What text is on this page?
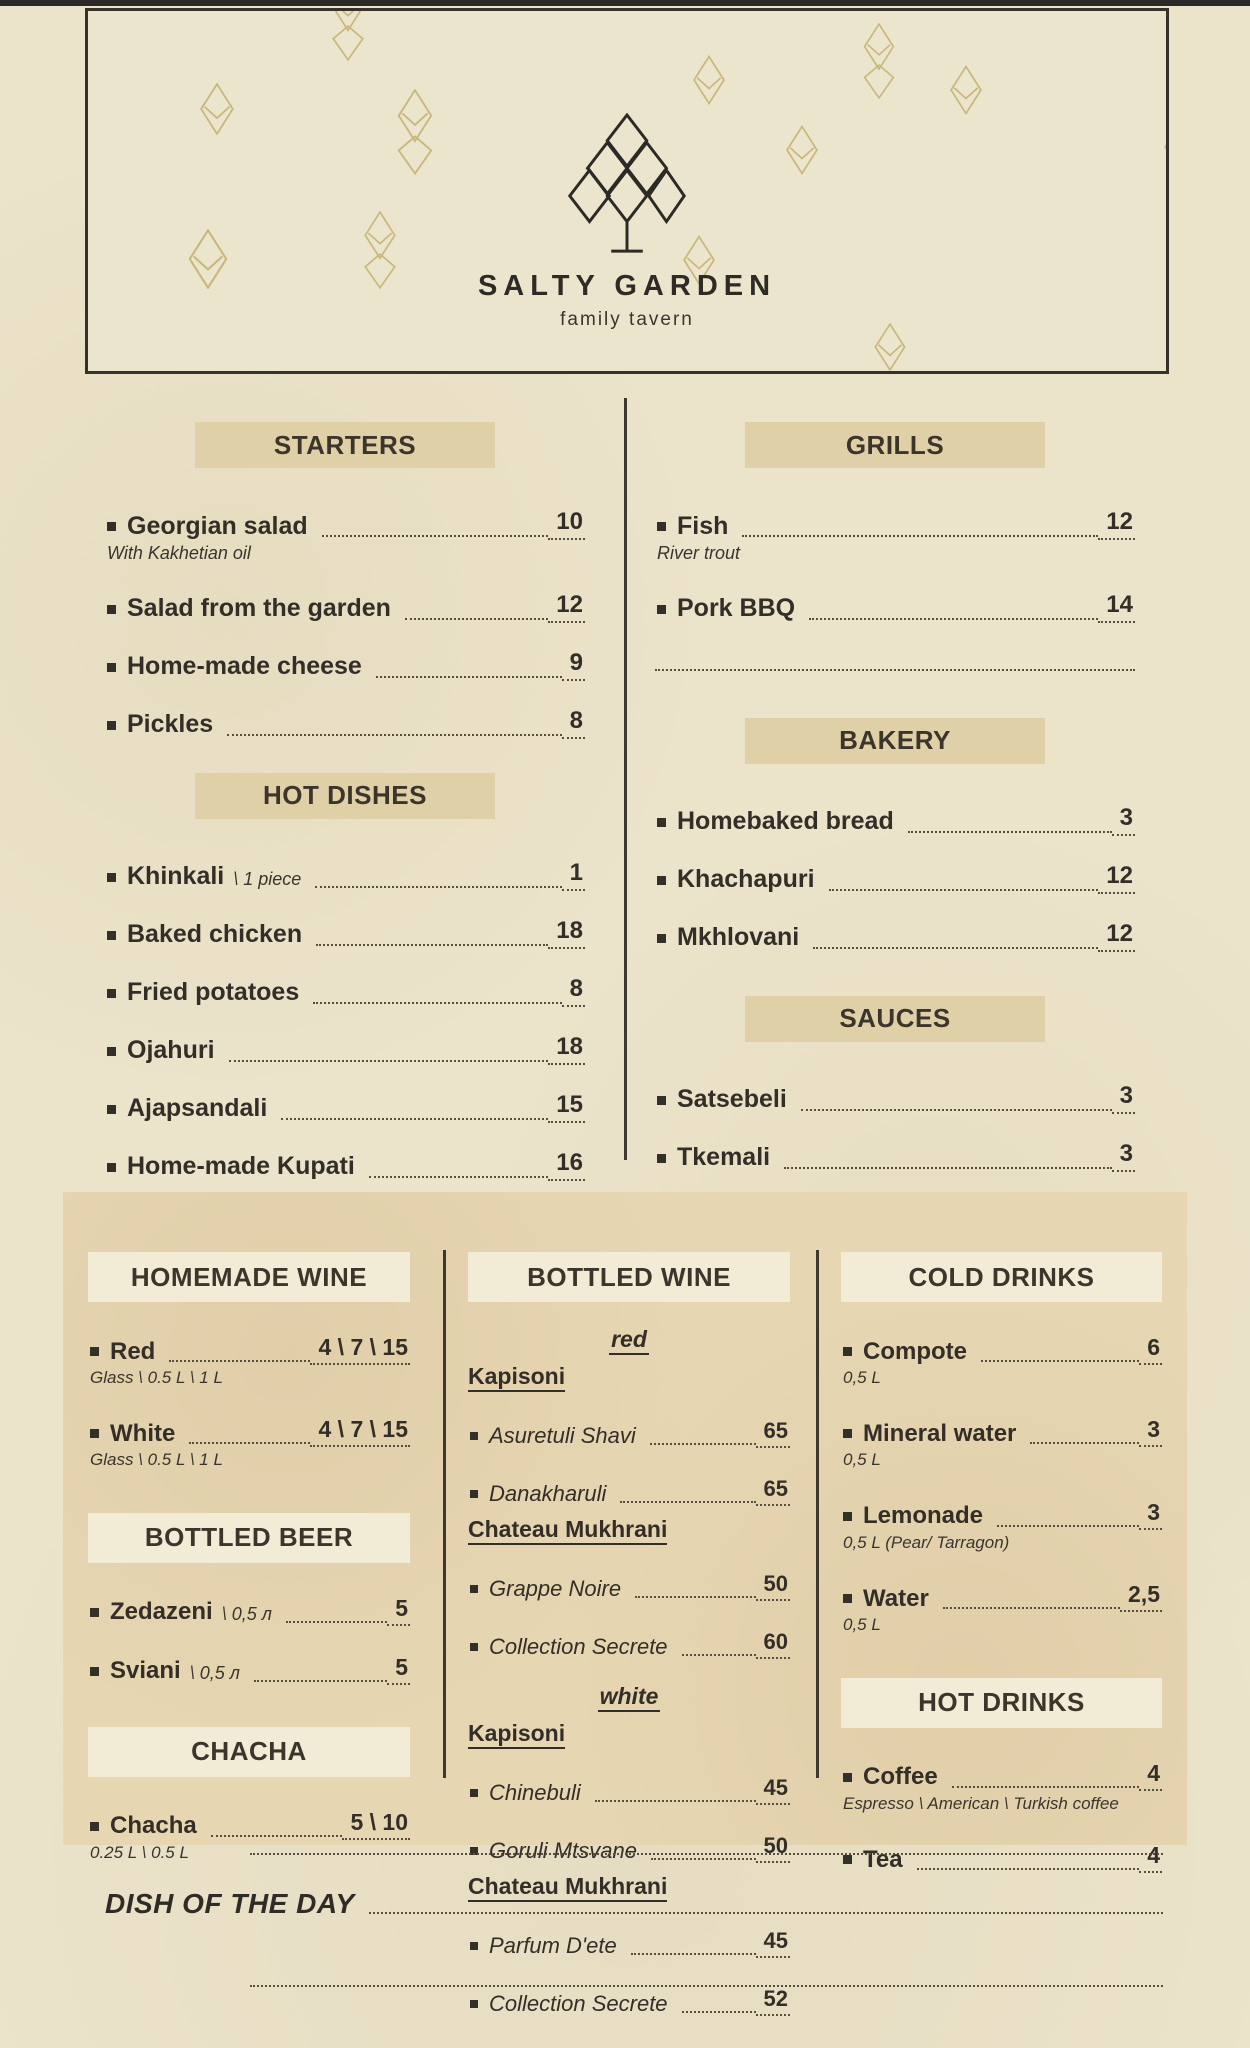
SALTY GARDEN
family tavern
STARTERS
Georgian salad	10
With Kakhetian oil
Salad from the garden	12
Home-made cheese	9
Pickles	8
HOT DISHES
Khinkali \ 1 piece	1
Baked chicken	18
Fried potatoes	8
Ojahuri	18
Ajapsandali	15
Home-made Kupati	16
GRILLS
Fish	12
River trout
Pork BBQ	14
BAKERY
Homebaked bread	3
Khachapuri	12
Mkhlovani	12
SAUCES
Satsebeli	3
Tkemali	3
HOMEMADE WINE
Red	4 \ 7 \ 15
Glass \ 0.5 L \ 1 L
White	4 \ 7 \ 15
Glass \ 0.5 L \ 1 L
BOTTLED BEER
Zedazeni \ 0,5 л	5
Sviani \ 0,5 л	5
CHACHA
Chacha	5 \ 10
0.25 L \ 0.5 L
BOTTLED WINE
red
Kapisoni
Asuretuli Shavi	65
Danakharuli	65
Chateau Mukhrani
Grappe Noire	50
Collection Secrete	60
white
Kapisoni
Chinebuli	45
Goruli Mtsvane	50
Chateau Mukhrani
Parfum D'ete	45
Collection Secrete	52
COLD DRINKS
Compote	6
0,5 L
Mineral water	3
0,5 L
Lemonade	3
0,5 L (Pear/ Tarragon)
Water	2,5
0,5 L
HOT DRINKS
Coffee	4
Espresso \ American \ Turkish coffee
Tea	4
DISH OF THE DAY
